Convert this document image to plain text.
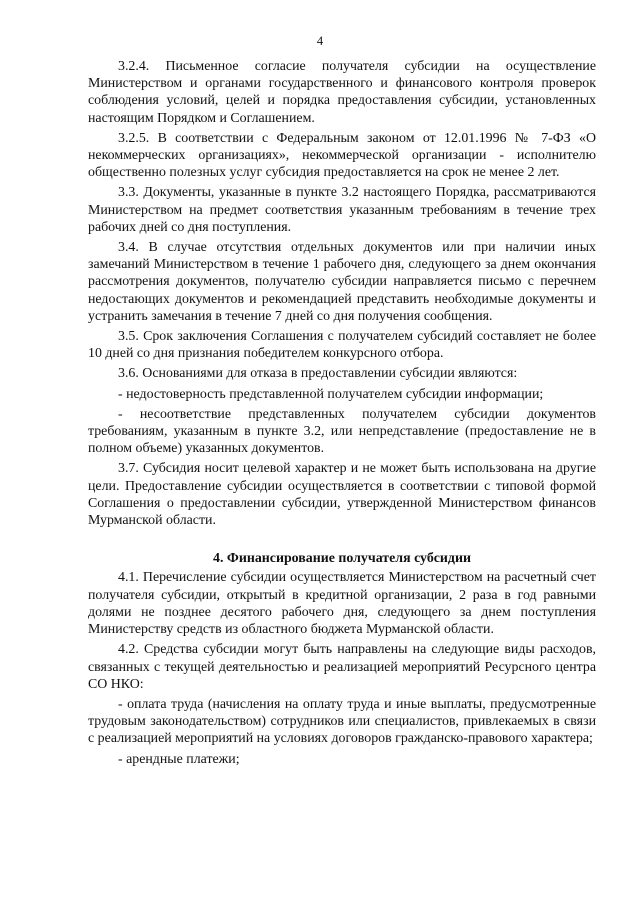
4

3.2.4. Письменное согласие получателя субсидии на осуществление Министерством и органами государственного и финансового контроля проверок соблюдения условий, целей и порядка предоставления субсидии, установленных настоящим Порядком и Соглашением.

3.2.5. В соответствии с Федеральным законом от 12.01.1996 № 7-ФЗ «О некоммерческих организациях», некоммерческой организации - исполнителю общественно полезных услуг субсидия предоставляется на срок не менее 2 лет.

3.3. Документы, указанные в пункте 3.2 настоящего Порядка, рассматриваются Министерством на предмет соответствия указанным требованиям в течение трех рабочих дней со дня поступления.

3.4. В случае отсутствия отдельных документов или при наличии иных замечаний Министерством в течение 1 рабочего дня, следующего за днем окончания рассмотрения документов, получателю субсидии направляется письмо с перечнем недостающих документов и рекомендацией представить необходимые документы и устранить замечания в течение 7 дней со дня получения сообщения.

3.5. Срок заключения Соглашения с получателем субсидий составляет не более 10 дней со дня признания победителем конкурсного отбора.

3.6. Основаниями для отказа в предоставлении субсидии являются:

- недостоверность представленной получателем субсидии информации;

- несоответствие представленных получателем субсидии документов требованиям, указанным в пункте 3.2, или непредставление (предоставление не в полном объеме) указанных документов.

3.7. Субсидия носит целевой характер и не может быть использована на другие цели. Предоставление субсидии осуществляется в соответствии с типовой формой Соглашения о предоставлении субсидии, утвержденной Министерством финансов Мурманской области.

4. Финансирование получателя субсидии

4.1. Перечисление субсидии осуществляется Министерством на расчетный счет получателя субсидии, открытый в кредитной организации, 2 раза в год равными долями не позднее десятого рабочего дня, следующего за днем поступления Министерству средств из областного бюджета Мурманской области.

4.2. Средства субсидии могут быть направлены на следующие виды расходов, связанных с текущей деятельностью и реализацией мероприятий Ресурсного центра СО НКО:

- оплата труда (начисления на оплату труда и иные выплаты, предусмотренные трудовым законодательством) сотрудников или специалистов, привлекаемых в связи с реализацией мероприятий на условиях договоров гражданско-правового характера;

- арендные платежи;
